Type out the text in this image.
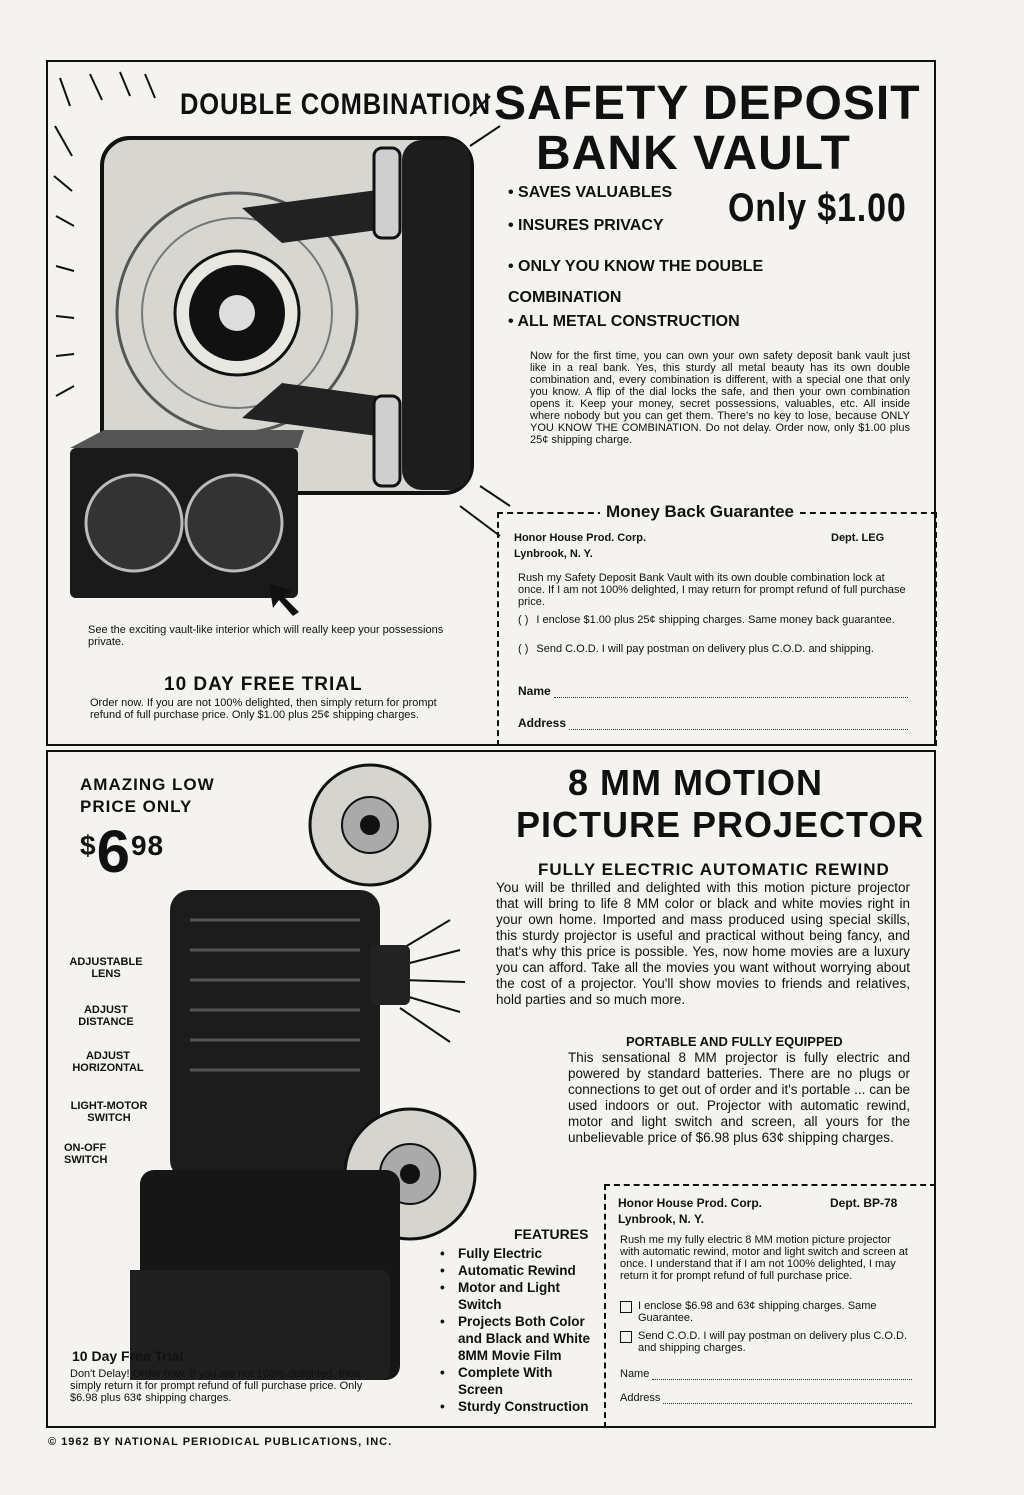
DOUBLE COMBINATION SAFETY DEPOSIT
BANK VAULT
• SAVES VALUABLES
• INSURES PRIVACY Only $1.00
• ONLY YOU KNOW THE DOUBLE COMBINATION
• ALL METAL CONSTRUCTION
Now for the first time, you can own your own safety deposit bank vault just like in a real bank. Yes, this sturdy all metal beauty has its own double combination and, every combination is different, with a special one that only you know. A flip of the dial locks the safe, and then your own combination opens it. Keep your money, secret possessions, valuables, etc. All inside where nobody but you can get them. There's no key to lose, because ONLY YOU KNOW THE COMBINATION. Do not delay. Order now, only $1.00 plus 25¢ shipping charge.
See the exciting vault-like interior which will really keep your possessions private.
10 DAY FREE TRIAL
Order now. If you are not 100% delighted, then simply return for prompt refund of full purchase price. Only $1.00 plus 25¢ shipping charges.
Money Back Guarantee
Honor House Prod. Corp.	Dept. LEG
Lynbrook, N. Y.
Rush my Safety Deposit Bank Vault with its own double combination lock at once. If I am not 100% delighted, I may return for prompt refund of full purchase price.
( ) I enclose $1.00 plus 25¢ shipping charges. Same money back guarantee.
( ) Send C.O.D. I will pay postman on delivery plus C.O.D. and shipping.
Name
Address
AMAZING LOW PRICE ONLY
$ 6 98
8 MM MOTION
PICTURE PROJECTOR
FULLY ELECTRIC AUTOMATIC REWIND
You will be thrilled and delighted with this motion picture projector that will bring to life 8 MM color or black and white movies right in your own home. Imported and mass produced using special skills, this sturdy projector is useful and practical without being fancy, and that's why this price is possible. Yes, now home movies are a luxury you can afford. Take all the movies you want without worrying about the cost of a projector. You'll show movies to friends and relatives, hold parties and so much more.
PORTABLE AND FULLY EQUIPPED
This sensational 8 MM projector is fully electric and powered by standard batteries. There are no plugs or connections to get out of order and it's portable ... can be used indoors or out. Projector with automatic rewind, motor and light switch and screen, all yours for the unbelievable price of $6.98 plus 63¢ shipping charges.
ADJUSTABLE LENS
ADJUST DISTANCE
ADJUST HORIZONTAL
LIGHT-MOTOR SWITCH
ON-OFF SWITCH
FEATURES
• Fully Electric
• Automatic Rewind
• Motor and Light Switch
• Projects Both Color and Black and White 8MM Movie Film
• Complete With Screen
• Sturdy Construction
10 Day Free Trial
Don't Delay! Order now. If you are not 100% delighted, then simply return it for prompt refund of full purchase price. Only $6.98 plus 63¢ shipping charges.
Honor House Prod. Corp.	Dept. BP-78
Lynbrook, N. Y.
Rush me my fully electric 8 MM motion picture projector with automatic rewind, motor and light switch and screen at once. I understand that if I am not 100% delighted, I may return it for prompt refund of full purchase price.
I enclose $6.98 and 63¢ shipping charges. Same Guarantee.
Send C.O.D. I will pay postman on delivery plus C.O.D. and shipping charges.
Name
Address
© 1962 BY NATIONAL PERIODICAL PUBLICATIONS, INC.
